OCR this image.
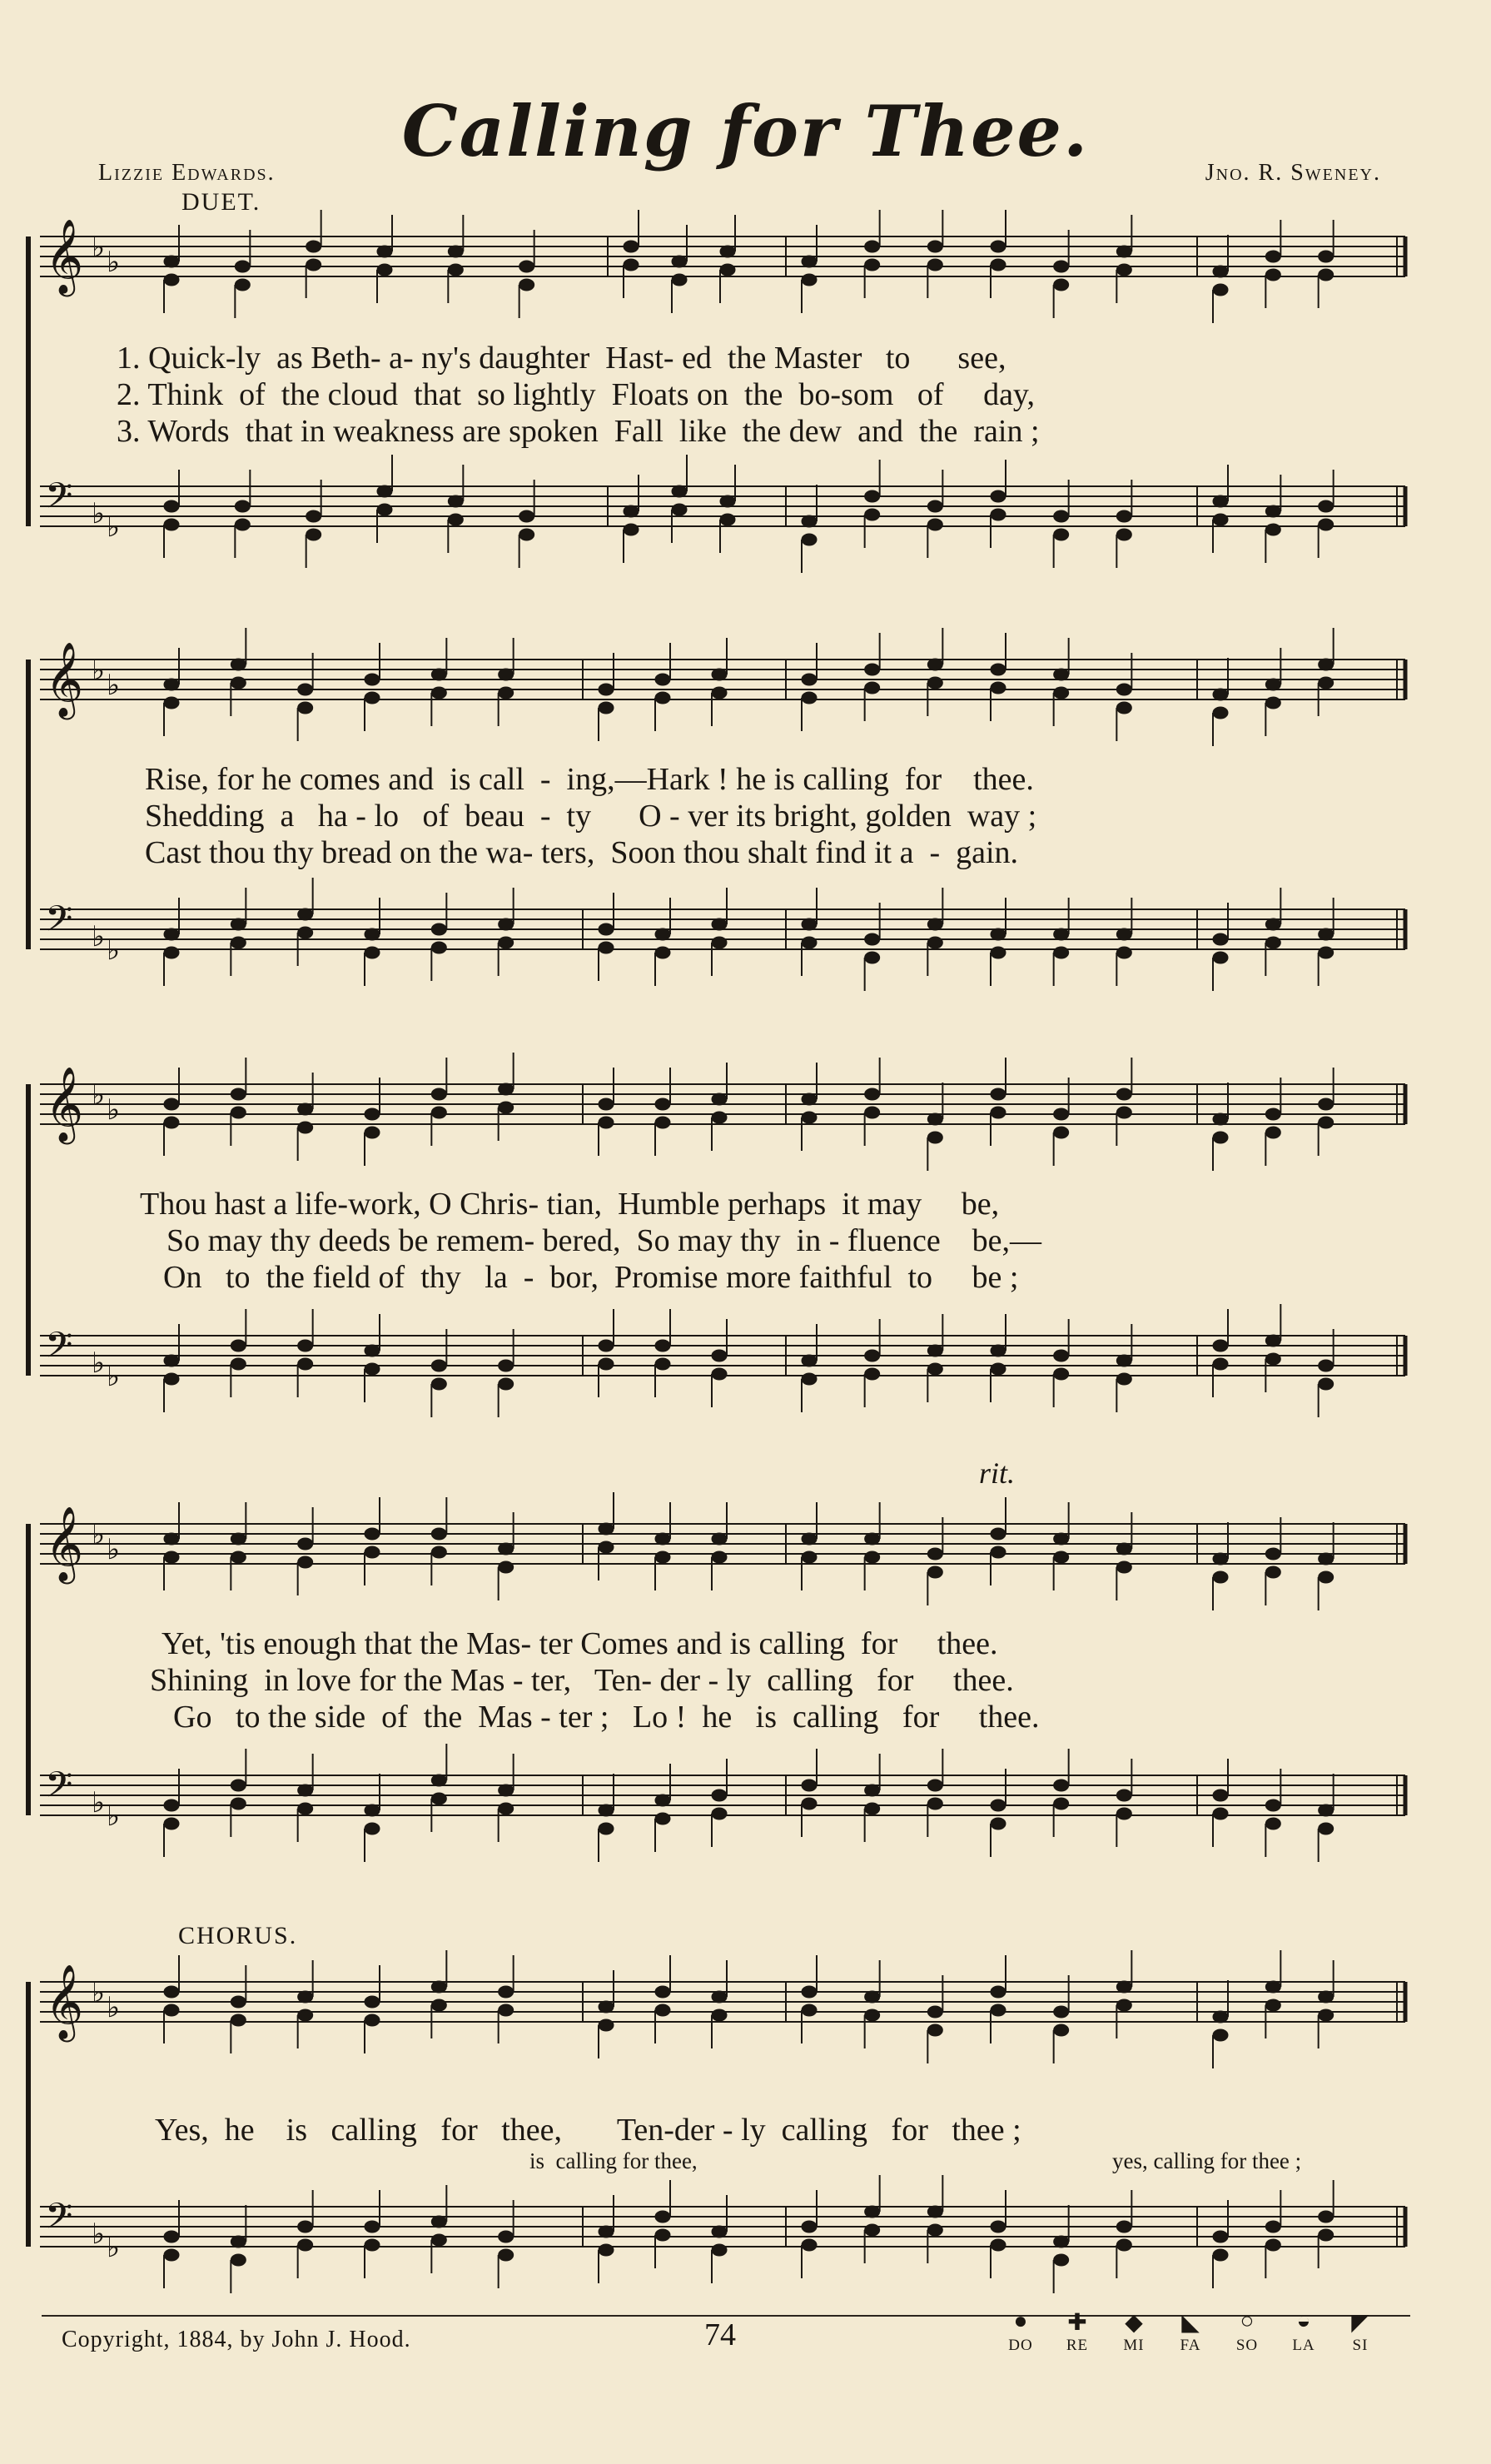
Calling for Thee.
Lizzie Edwards.	Jno. R. Sweney.
DUET.
CHORUS.
rit.
𝄞 ♭ ♭
𝄢 ♭ ♭
𝄞 ♭ ♭
𝄢 ♭ ♭
𝄞 ♭ ♭
𝄢 ♭ ♭
𝄞 ♭ ♭
𝄢 ♭ ♭
𝄞 ♭ ♭
𝄢 ♭ ♭
1. Quick-ly  as Beth- a- ny's daughter  Hast- ed  the Master   to      see,
2. Think  of  the cloud  that  so lightly  Floats on  the  bo-som   of     day,
3. Words  that in weakness are spoken  Fall  like  the dew  and  the  rain ;
Rise, for he comes and  is call  -  ing,—Hark ! he is calling  for    thee.
Shedding  a   ha - lo   of  beau  -  ty      O - ver its bright, golden  way ;
Cast thou thy bread on the wa- ters,  Soon thou shalt find it a  -  gain.
Thou hast a life-work, O Chris- tian,  Humble perhaps  it may     be,
So may thy deeds be remem- bered,  So may thy  in - fluence    be,—
On   to  the field of  thy   la  -  bor,  Promise more faithful  to     be ;
Yet, 'tis enough that the Mas- ter Comes and is calling  for     thee.
Shining  in love for the Mas - ter,   Ten- der - ly  calling   for     thee.
Go   to the side  of  the  Mas - ter ;   Lo !  he   is  calling   for     thee.
Yes,  he    is   calling   for   thee,       Ten-der - ly  calling   for   thee ;
is  calling for thee,	yes, calling for thee ;
Copyright, 1884, by John J. Hood.	74	●	✚	◆	◣	○	◒	◤
DO	RE	MI	FA	SO	LA	SI
